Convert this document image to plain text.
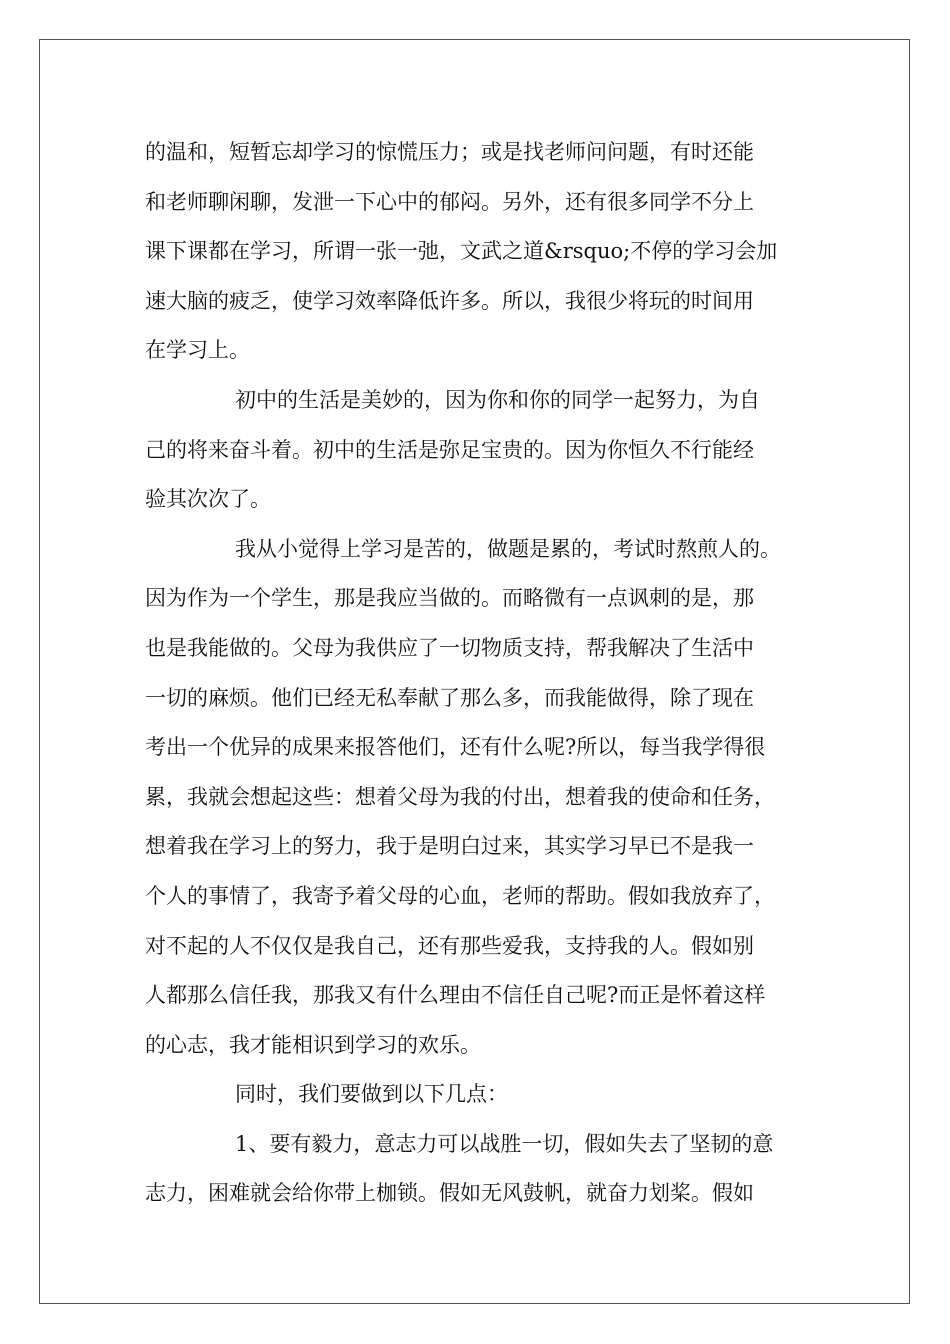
的温和，短暂忘却学习的惊慌压力；或是找老师问问题，有时还能
和老师聊闲聊，发泄一下心中的郁闷。另外，还有很多同学不分上
课下课都在学习，所谓一张一弛，文武之道&rsquo;不停的学习会加
速大脑的疲乏，使学习效率降低许多。所以，我很少将玩的时间用
在学习上。
初中的生活是美妙的，因为你和你的同学一起努力，为自
己的将来奋斗着。初中的生活是弥足宝贵的。因为你恒久不行能经
验其次次了。
我从小觉得上学习是苦的，做题是累的，考试时熬煎人的。
因为作为一个学生，那是我应当做的。而略微有一点讽刺的是，那
也是我能做的。父母为我供应了一切物质支持，帮我解决了生活中
一切的麻烦。他们已经无私奉献了那么多，而我能做得，除了现在
考出一个优异的成果来报答他们，还有什么呢?所以，每当我学得很
累，我就会想起这些：想着父母为我的付出，想着我的使命和任务，
想着我在学习上的努力，我于是明白过来，其实学习早已不是我一
个人的事情了，我寄予着父母的心血，老师的帮助。假如我放弃了，
对不起的人不仅仅是我自己，还有那些爱我，支持我的人。假如别
人都那么信任我，那我又有什么理由不信任自己呢?而正是怀着这样
的心志，我才能相识到学习的欢乐。
同时，我们要做到以下几点：
1、要有毅力，意志力可以战胜一切，假如失去了坚韧的意
志力，困难就会给你带上枷锁。假如无风鼓帆，就奋力划桨。假如
